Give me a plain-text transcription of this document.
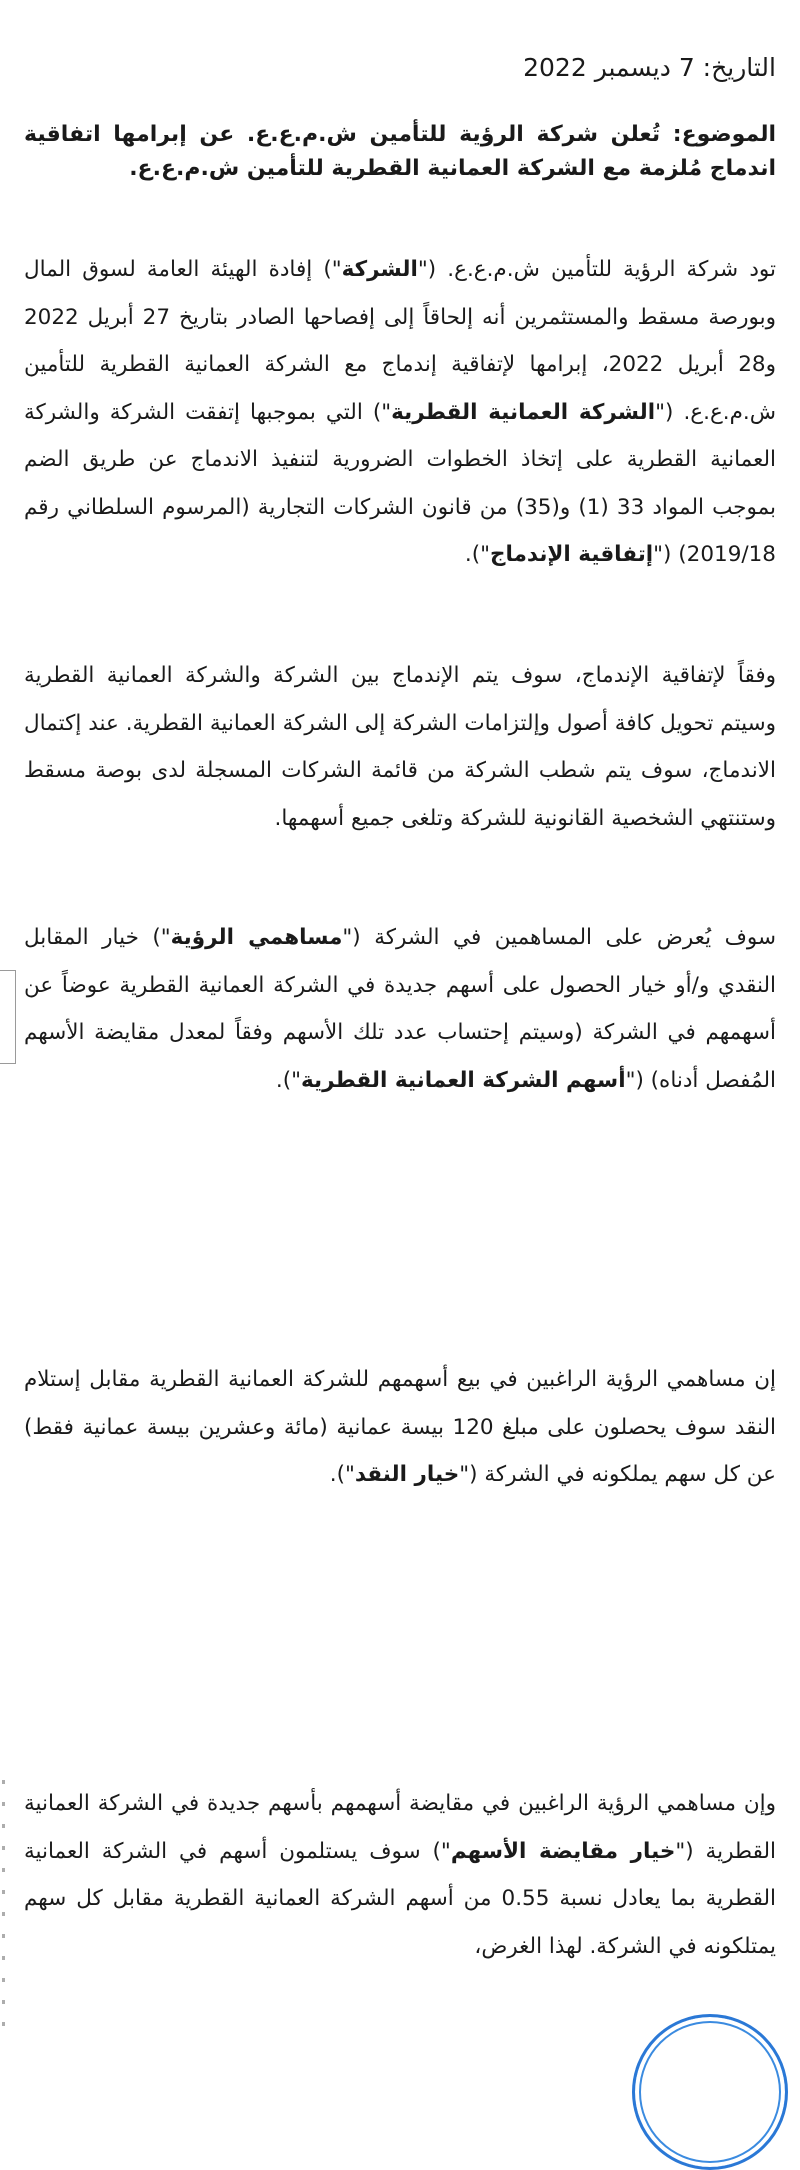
التاريخ: 7 ديسمبر 2022
الموضوع: تُعلن شركة الرؤية للتأمين ش.م.ع.ع. عن إبرامها اتفاقية اندماج مُلزمة مع الشركة العمانية القطرية للتأمين ش.م.ع.ع.

تود شركة الرؤية للتأمين ش.م.ع.ع. ("الشركة") إفادة الهيئة العامة لسوق المال وبورصة مسقط والمستثمرين أنه إلحاقاً إلى إفصاحها الصادر بتاريخ 27 أبريل 2022 و28 أبريل 2022، إبرامها لإتفاقية إندماج مع الشركة العمانية القطرية للتأمين ش.م.ع.ع. ("الشركة العمانية القطرية") التي بموجبها إتفقت الشركة والشركة العمانية القطرية على إتخاذ الخطوات الضرورية لتنفيذ الاندماج عن طريق الضم بموجب المواد 33 (1) و(35) من قانون الشركات التجارية (المرسوم السلطاني رقم 2019/18) ("إتفاقية الإندماج").

وفقاً لإتفاقية الإندماج، سوف يتم الإندماج بين الشركة والشركة العمانية القطرية وسيتم تحويل كافة أصول وإلتزامات الشركة إلى الشركة العمانية القطرية. عند إكتمال الاندماج، سوف يتم شطب الشركة من قائمة الشركات المسجلة لدى بوصة مسقط وستنتهي الشخصية القانونية للشركة وتلغى جميع أسهمها.

سوف يُعرض على المساهمين في الشركة ("مساهمي الرؤية") خيار المقابل النقدي و/أو خيار الحصول على أسهم جديدة في الشركة العمانية القطرية عوضاً عن أسهمهم في الشركة (وسيتم إحتساب عدد تلك الأسهم وفقاً لمعدل مقايضة الأسهم المُفصل أدناه) ("أسهم الشركة العمانية القطرية").

إن مساهمي الرؤية الراغبين في بيع أسهمهم للشركة العمانية القطرية مقابل إستلام النقد سوف يحصلون على مبلغ 120 بيسة عمانية (مائة وعشرين بيسة عمانية فقط) عن كل سهم يملكونه في الشركة ("خيار النقد").

وإن مساهمي الرؤية الراغبين في مقايضة أسهمهم بأسهم جديدة في الشركة العمانية القطرية ("خيار مقايضة الأسهم") سوف يستلمون أسهم في الشركة العمانية القطرية بما يعادل نسبة 0.55 من أسهم الشركة العمانية القطرية مقابل كل سهم يمتلكونه في الشركة. لهذا الغرض،
